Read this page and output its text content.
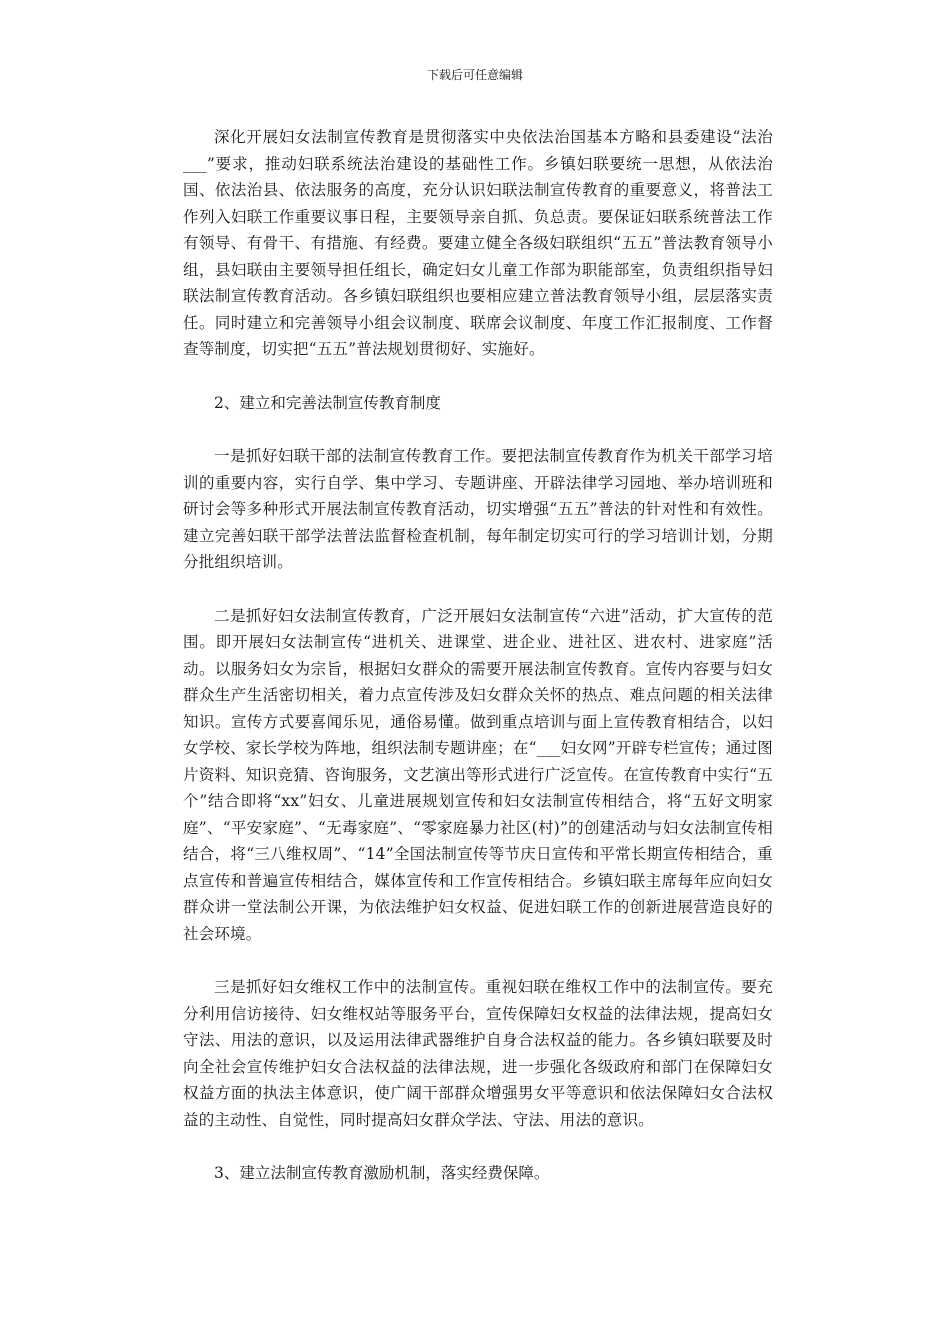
下载后可任意编辑

深化开展妇女法制宣传教育是贯彻落实中央依法治国基本方略和县委建设“法治___”要求，推动妇联系统法治建设的基础性工作。乡镇妇联要统一思想，从依法治国、依法治县、依法服务的高度，充分认识妇联法制宣传教育的重要意义，将普法工作列入妇联工作重要议事日程，主要领导亲自抓、负总责。要保证妇联系统普法工作有领导、有骨干、有措施、有经费。要建立健全各级妇联组织“五五”普法教育领导小组，县妇联由主要领导担任组长，确定妇女儿童工作部为职能部室，负责组织指导妇联法制宣传教育活动。各乡镇妇联组织也要相应建立普法教育领导小组，层层落实责任。同时建立和完善领导小组会议制度、联席会议制度、年度工作汇报制度、工作督查等制度，切实把“五五”普法规划贯彻好、实施好。

2、建立和完善法制宣传教育制度

一是抓好妇联干部的法制宣传教育工作。要把法制宣传教育作为机关干部学习培训的重要内容，实行自学、集中学习、专题讲座、开辟法律学习园地、举办培训班和研讨会等多种形式开展法制宣传教育活动，切实增强“五五”普法的针对性和有效性。建立完善妇联干部学法普法监督检查机制，每年制定切实可行的学习培训计划，分期分批组织培训。

二是抓好妇女法制宣传教育，广泛开展妇女法制宣传“六进”活动，扩大宣传的范围。即开展妇女法制宣传“进机关、进课堂、进企业、进社区、进农村、进家庭”活动。以服务妇女为宗旨，根据妇女群众的需要开展法制宣传教育。宣传内容要与妇女群众生产生活密切相关，着力点宣传涉及妇女群众关怀的热点、难点问题的相关法律知识。宣传方式要喜闻乐见，通俗易懂。做到重点培训与面上宣传教育相结合，以妇女学校、家长学校为阵地，组织法制专题讲座；在“___妇女网”开辟专栏宣传；通过图片资料、知识竞猜、咨询服务，文艺演出等形式进行广泛宣传。在宣传教育中实行“五个”结合即将“xx”妇女、儿童进展规划宣传和妇女法制宣传相结合，将“五好文明家庭”、“平安家庭”、“无毒家庭”、“零家庭暴力社区(村)”的创建活动与妇女法制宣传相结合，将“三八维权周”、“14”全国法制宣传等节庆日宣传和平常长期宣传相结合，重点宣传和普遍宣传相结合，媒体宣传和工作宣传相结合。乡镇妇联主席每年应向妇女群众讲一堂法制公开课，为依法维护妇女权益、促进妇联工作的创新进展营造良好的社会环境。

三是抓好妇女维权工作中的法制宣传。重视妇联在维权工作中的法制宣传。要充分利用信访接待、妇女维权站等服务平台，宣传保障妇女权益的法律法规，提高妇女守法、用法的意识，以及运用法律武器维护自身合法权益的能力。各乡镇妇联要及时向全社会宣传维护妇女合法权益的法律法规，进一步强化各级政府和部门在保障妇女权益方面的执法主体意识，使广阔干部群众增强男女平等意识和依法保障妇女合法权益的主动性、自觉性，同时提高妇女群众学法、守法、用法的意识。

3、建立法制宣传教育激励机制，落实经费保障。
